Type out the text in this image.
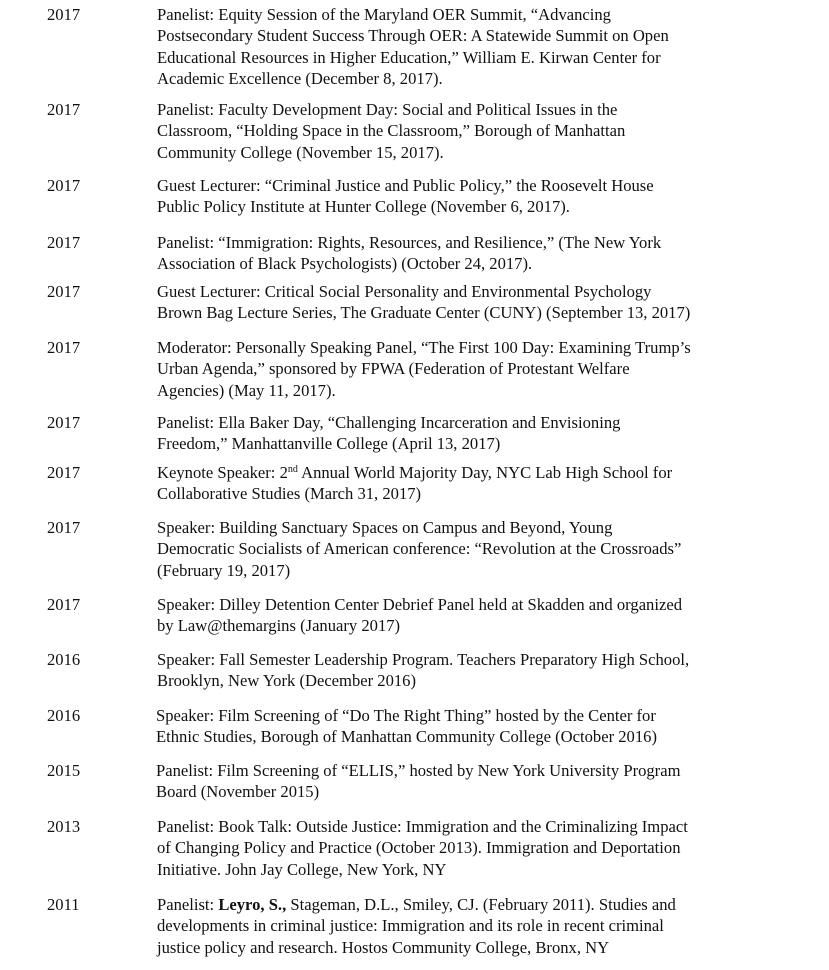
2017	Panelist: Equity Session of the Maryland OER Summit, “Advancing
Postsecondary Student Success Through OER: A Statewide Summit on Open
Educational Resources in Higher Education,” William E. Kirwan Center for
Academic Excellence (December 8, 2017).
2017	Panelist: Faculty Development Day: Social and Political Issues in the
Classroom, “Holding Space in the Classroom,” Borough of Manhattan
Community College (November 15, 2017).
2017	Guest Lecturer: “Criminal Justice and Public Policy,” the Roosevelt House
Public Policy Institute at Hunter College (November 6, 2017).
2017	Panelist: “Immigration: Rights, Resources, and Resilience,” (The New York
Association of Black Psychologists) (October 24, 2017).
2017	Guest Lecturer: Critical Social Personality and Environmental Psychology
Brown Bag Lecture Series, The Graduate Center (CUNY) (September 13, 2017)
2017	Moderator: Personally Speaking Panel, “The First 100 Day: Examining Trump’s
Urban Agenda,” sponsored by FPWA (Federation of Protestant Welfare
Agencies) (May 11, 2017).
2017	Panelist: Ella Baker Day, “Challenging Incarceration and Envisioning
Freedom,” Manhattanville College (April 13, 2017)
2017	Keynote Speaker: 2nd Annual World Majority Day, NYC Lab High School for
Collaborative Studies (March 31, 2017)
2017	Speaker: Building Sanctuary Spaces on Campus and Beyond, Young
Democratic Socialists of American conference: “Revolution at the Crossroads”
(February 19, 2017)
2017	Speaker: Dilley Detention Center Debrief Panel held at Skadden and organized
by Law@themargins (January 2017)
2016	Speaker: Fall Semester Leadership Program. Teachers Preparatory High School,
Brooklyn, New York (December 2016)
2016	Speaker: Film Screening of “Do The Right Thing” hosted by the Center for
Ethnic Studies, Borough of Manhattan Community College (October 2016)
2015	Panelist: Film Screening of “ELLIS,” hosted by New York University Program
Board (November 2015)
2013	Panelist: Book Talk: Outside Justice: Immigration and the Criminalizing Impact
of Changing Policy and Practice (October 2013). Immigration and Deportation
Initiative. John Jay College, New York, NY
2011	Panelist: Leyro, S., Stageman, D.L., Smiley, CJ. (February 2011). Studies and
developments in criminal justice: Immigration and its role in recent criminal
justice policy and research. Hostos Community College, Bronx, NY
